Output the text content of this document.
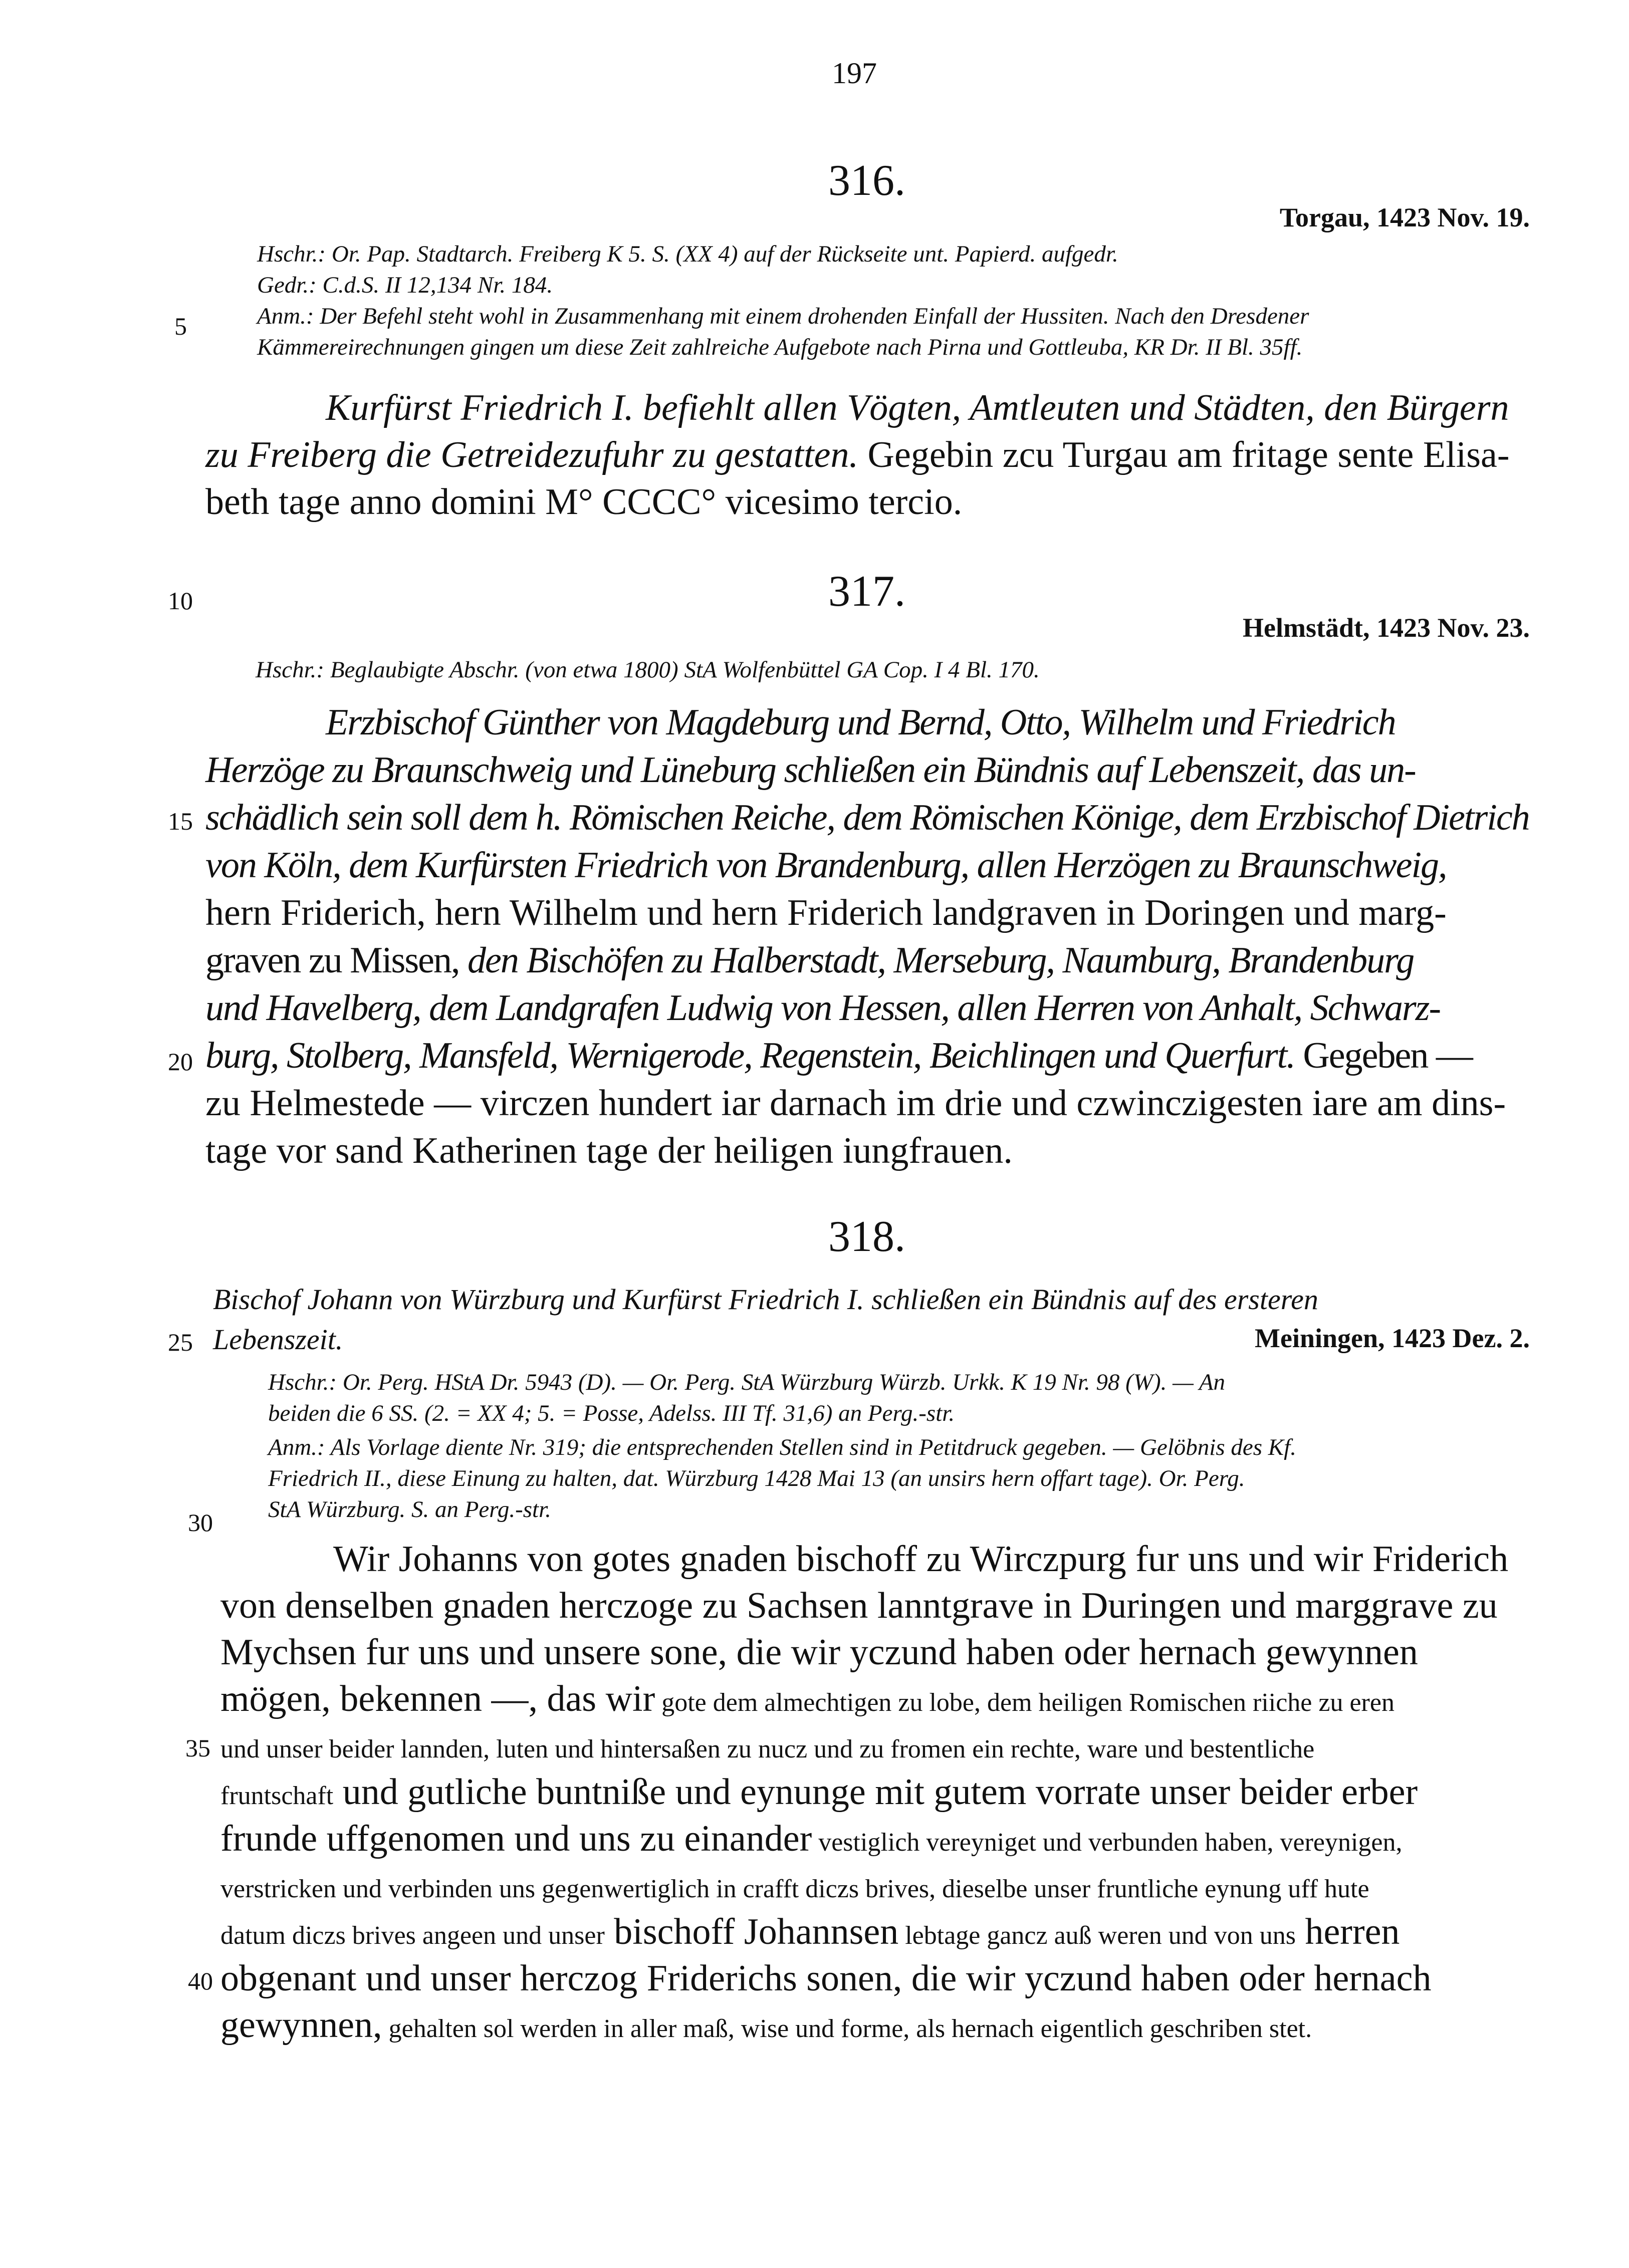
197
316.
Torgau, 1423 Nov. 19.
Hschr.: Or. Pap. Stadtarch. Freiberg K 5. S. (XX 4) auf der Rückseite unt. Papierd. aufgedr.
Gedr.: C.d.S. II 12,134 Nr. 184.
Anm.: Der Befehl steht wohl in Zusammenhang mit einem drohenden Einfall der Hussiten. Nach den Dresdener
Kämmereirechnungen gingen um diese Zeit zahlreiche Aufgebote nach Pirna und Gottleuba, KR Dr. II Bl. 35ff.
Kurfürst Friedrich I. befiehlt allen Vögten, Amtleuten und Städten, den Bürgern
zu Freiberg die Getreidezufuhr zu gestatten. Gegebin zcu Turgau am fritage sente Elisa-
beth tage anno domini M° CCCC° vicesimo tercio.
317.
Helmstädt, 1423 Nov. 23.
Hschr.: Beglaubigte Abschr. (von etwa 1800) StA Wolfenbüttel GA Cop. I 4 Bl. 170.
Erzbischof Günther von Magdeburg und Bernd, Otto, Wilhelm und Friedrich
Herzöge zu Braunschweig und Lüneburg schließen ein Bündnis auf Lebenszeit, das un-
schädlich sein soll dem h. Römischen Reiche, dem Römischen Könige, dem Erzbischof Dietrich
von Köln, dem Kurfürsten Friedrich von Brandenburg, allen Herzögen zu Braunschweig,
hern Friderich, hern Wilhelm und hern Friderich landgraven in Doringen und marg-
graven zu Missen, den Bischöfen zu Halberstadt, Merseburg, Naumburg, Brandenburg
und Havelberg, dem Landgrafen Ludwig von Hessen, allen Herren von Anhalt, Schwarz-
burg, Stolberg, Mansfeld, Wernigerode, Regenstein, Beichlingen und Querfurt. Gegeben —
zu Helmestede — virczen hundert iar darnach im drie und czwinczigesten iare am dins-
tage vor sand Katherinen tage der heiligen iungfrauen.
318.
Bischof Johann von Würzburg und Kurfürst Friedrich I. schließen ein Bündnis auf des ersteren
Lebenszeit.	Meiningen, 1423 Dez. 2.
Hschr.: Or. Perg. HStA Dr. 5943 (D). — Or. Perg. StA Würzburg Würzb. Urkk. K 19 Nr. 98 (W). — An
beiden die 6 SS. (2. = XX 4; 5. = Posse, Adelss. III Tf. 31,6) an Perg.-str.
Anm.: Als Vorlage diente Nr. 319; die entsprechenden Stellen sind in Petitdruck gegeben. — Gelöbnis des Kf.
Friedrich II., diese Einung zu halten, dat. Würzburg 1428 Mai 13 (an unsirs hern offart tage). Or. Perg.
StA Würzburg. S. an Perg.-str.
Wir Johanns von gotes gnaden bischoff zu Wirczpurg fur uns und wir Friderich
von denselben gnaden herczoge zu Sachsen lanntgrave in Duringen und marggrave zu
Mychsen fur uns und unsere sone, die wir yczund haben oder hernach gewynnen
mögen, bekennen —, das wir gote dem almechtigen zu lobe, dem heiligen Romischen riiche zu eren
und unser beider lannden, luten und hintersaßen zu nucz und zu fromen ein rechte, ware und bestentliche
fruntschaft und gutliche buntniße und eynunge mit gutem vorrate unser beider erber
frunde uffgenomen und uns zu einander vestiglich vereyniget und verbunden haben, vereynigen,
verstricken und verbinden uns gegenwertiglich in crafft diczs brives, dieselbe unser fruntliche eynung uff hute
datum diczs brives angeen und unser bischoff Johannsen lebtage gancz auß weren und von uns herren
obgenant und unser herczog Friderichs sonen, die wir yczund haben oder hernach
gewynnen, gehalten sol werden in aller maß, wise und forme, als hernach eigentlich geschriben stet.
5
10
15
20
25
30
35
40
